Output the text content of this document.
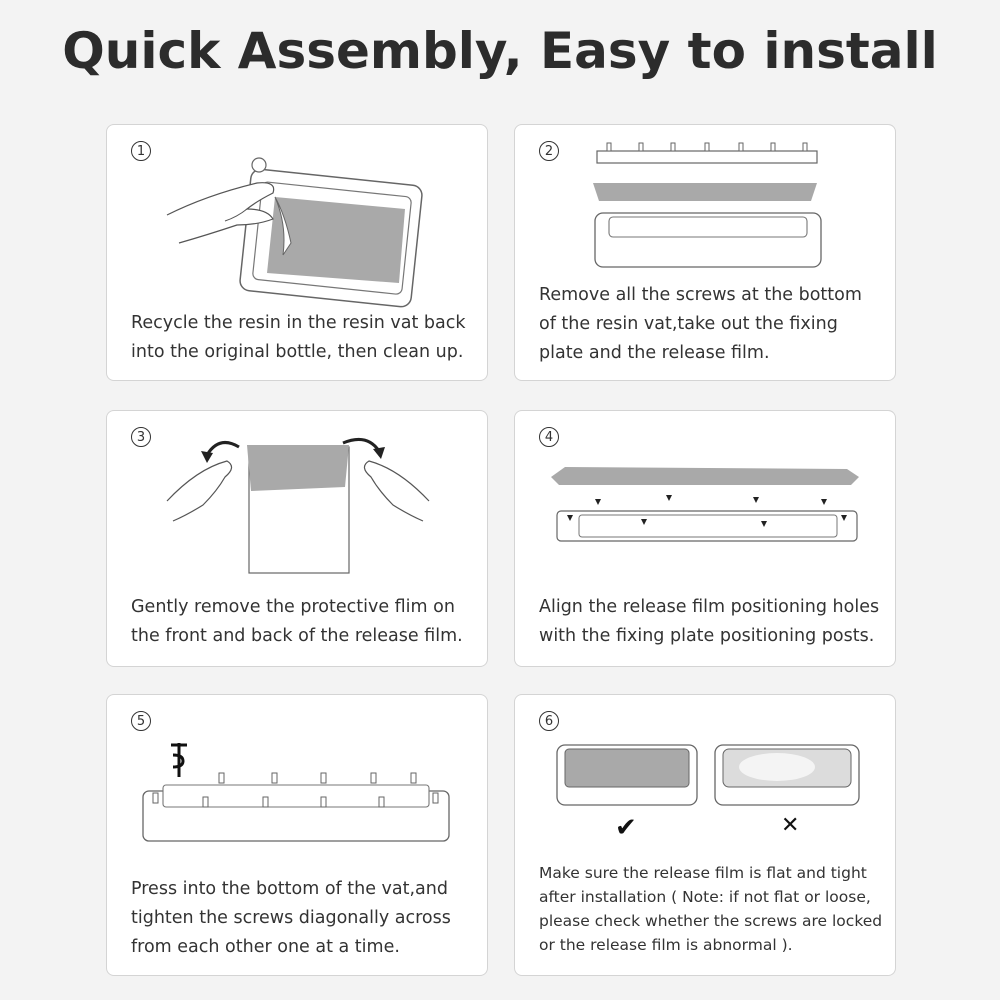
Quick Assembly, Easy to install
1
Recycle the resin in the resin vat back
into the original bottle, then clean up.
2
Remove all the screws at the bottom
of the resin vat,take out the fixing
plate and the release film.
3
Gently remove the protective flim on
the front and back of the release film.
4
Align the release film positioning holes
with the fixing plate positioning posts.
5
Press into the bottom of the vat,and
tighten the screws diagonally across
from each other one at a time.
6
✔	✕
Make sure the release film is flat and tight
after installation ( Note: if not flat or loose,
please check whether the screws are locked
or the release film is abnormal ).
